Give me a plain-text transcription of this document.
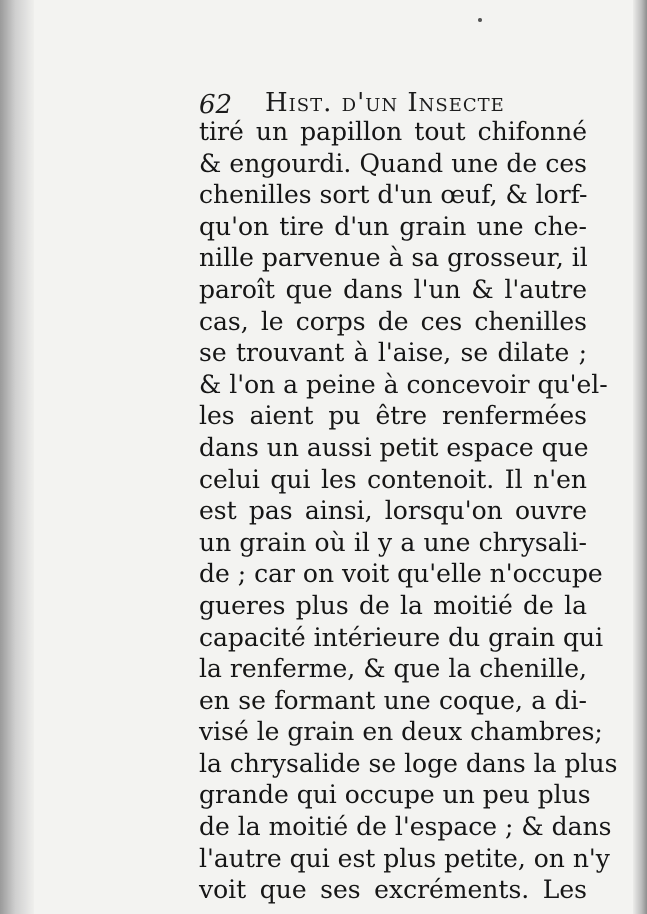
62 Hist. d'un Insecte
tiré un papillon tout chifonné
& engourdi. Quand une de ces
chenilles sort d'un œuf, & lorf-
qu'on tire d'un grain une che-
nille parvenue à sa grosseur, il
paroît que dans l'un & l'autre
cas, le corps de ces chenilles
se trouvant à l'aise, se dilate ;
& l'on a peine à concevoir qu'el-
les aient pu être renfermées
dans un aussi petit espace que
celui qui les contenoit. Il n'en
est pas ainsi, lorsqu'on ouvre
un grain où il y a une chrysali-
de ; car on voit qu'elle n'occupe
gueres plus de la moitié de la
capacité intérieure du grain qui
la renferme, & que la chenille,
en se formant une coque, a di-
visé le grain en deux chambres;
la chrysalide se loge dans la plus
grande qui occupe un peu plus
de la moitié de l'espace ; & dans
l'autre qui est plus petite, on n'y
voit que ses excréments. Les
